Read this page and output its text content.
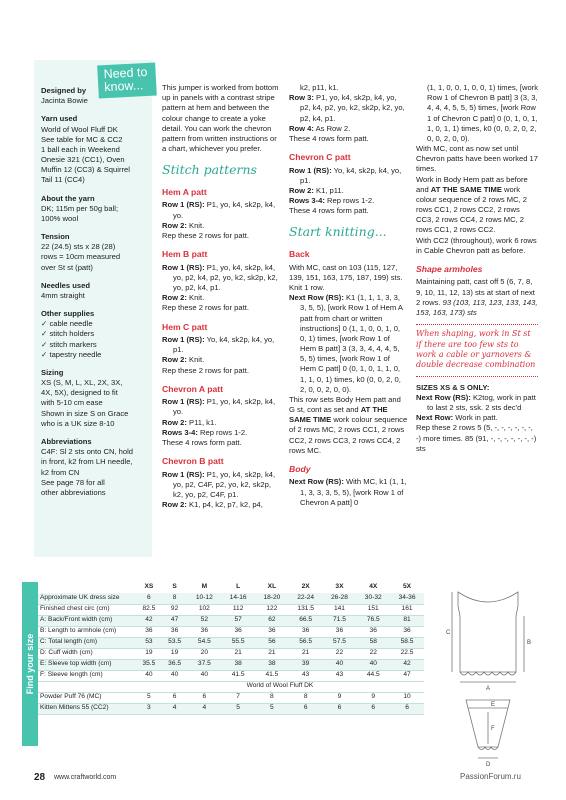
Designed by

Jacinta Bowie

Yarn used

World of Wool Fluff DK

See table for MC & CC2

1 ball each in Weekend

Onesie 321 (CC1), Oven

Muffin 12 (CC3) & Squirrel

Tail 11 (CC4)

About the yarn

DK; 115m per 50g ball;

100% wool

Tension

22 (24.5) sts x 28 (28)

rows = 10cm measured

over St st (patt)

Needles used

4mm straight

Other supplies

✓ cable needle

✓ stitch holders

✓ stitch markers

✓ tapestry needle

Sizing

XS (S, M, L, XL, 2X, 3X,

4X, 5X), designed to fit

with 5-10 cm ease

Shown in size S on Grace

who is a UK size 8-10

Abbreviations

C4F: Sl 2 sts onto CN, hold

in front, k2 from LH needle,

k2 from CN

See page 78 for all

other abbreviations

Need to know...	This jumper is worked from bottom up in panels with a contrast stripe pattern at hem and between the colour change to create a yoke detail. You can work the chevron pattern from written instructions or a chart, whichever you prefer.

Stitch patterns
Hem A patt

Row 1 (RS): P1, yo, k4, sk2p, k4, yo.

Row 2: Knit.

Rep these 2 rows for patt.

Hem B patt

Row 1 (RS): P1, yo, k4, sk2p, k4, yo, p2, k4, p2, yo, k2, sk2p, k2, yo, p2, k4, p1.

Row 2: Knit.

Rep these 2 rows for patt.

Hem C patt

Row 1 (RS): Yo, k4, sk2p, k4, yo, p1.

Row 2: Knit.

Rep these 2 rows for patt.

Chevron A patt

Row 1 (RS): P1, yo, k4, sk2p, k4, yo.

Row 2: P11, k1.

Rows 3-4: Rep rows 1-2.

These 4 rows form patt.

Chevron B patt

Row 1 (RS): P1, yo, k4, sk2p, k4, yo, p2, C4F, p2, yo, k2, sk2p, k2, yo, p2, C4F, p1.

Row 2: K1, p4, k2, p7, k2, p4,

k2, p11, k1.

Row 3: P1, yo, k4, sk2p, k4, yo, p2, k4, p2, yo, k2, sk2p, k2, yo, p2, k4, p1.

Row 4: As Row 2.

These 4 rows form patt.

Chevron C patt

Row 1 (RS): Yo, k4, sk2p, k4, yo, p1.

Row 2: K1, p11.

Rows 3-4: Rep rows 1-2.

These 4 rows form patt.

Start knitting...
Back

With MC, cast on 103 (115, 127, 139, 151, 163, 175, 187, 199) sts.

Knit 1 row.

Next Row (RS): K1 (1, 1, 1, 3, 3, 3, 5, 5), [work Row 1 of Hem A patt from chart or written instructions] 0 (1, 1, 0, 0, 1, 0, 0, 1) times, [work Row 1 of Hem B patt] 3 (3, 3, 4, 4, 4, 5, 5, 5) times, [work Row 1 of Hem C patt] 0 (0, 1, 0, 1, 1, 0, 1, 1, 0, 1) times, k0 (0, 0, 2, 0, 2, 0, 0, 2, 0, 0).

This row sets Body Hem patt and G st, cont as set and AT THE SAME TIME work colour sequence of 2 rows MC, 2 rows CC1, 2 rows CC2, 2 rows CC3, 2 rows CC4, 2 rows MC.

Body

Next Row (RS): With MC, k1 (1, 1, 1, 3, 3, 3, 5, 5), [work Row 1 of Chevron A patt] 0

(1, 1, 0, 0, 1, 0, 0, 1) times, [work Row 1 of Chevron B patt] 3 (3, 3, 4, 4, 4, 5, 5, 5) times, [work Row 1 of Chevron C patt] 0 (0, 1, 0, 1, 1, 0, 1, 1) times, k0 (0, 0, 2, 0, 2, 0, 0, 2, 0, 0).

With MC, cont as now set until Chevron patts have been worked 17 times.

Work in Body Hem patt as before and AT THE SAME TIME work colour sequence of 2 rows MC, 2 rows CC1, 2 rows CC2, 2 rows CC3, 2 rows CC4, 2 rows MC, 2 rows CC1, 2 rows CC2.

With CC2 (throughout), work 6 rows in Cable Chevron patt as before.

Shape armholes

Maintaining patt, cast off 5 (6, 7, 8, 9, 10, 11, 12, 13) sts at start of next 2 rows. 93 (103, 113, 123, 133, 143, 153, 163, 173) sts

When shaping, work in St st if there are too few sts to work a cable or yarnovers & double decrease combination

SIZES XS & S ONLY:

Next Row (RS): K2tog, work in patt to last 2 sts, ssk. 2 sts dec'd

Next Row: Work in patt.

Rep these 2 rows 5 (5, -, -, -, -, -, -, -) more times. 85 (91, -, -, -, -, -, -, -) sts

Find your size
	XS	S	M	L	XL	2X	3X	4X	5X
Approximate UK dress size	6	8	10-12	14-16	18-20	22-24	26-28	30-32	34-36
Finished chest circ (cm)	82.5	92	102	112	122	131.5	141	151	161
A: Back/Front width (cm)	42	47	52	57	62	66.5	71.5	76.5	81
B: Length to armhole (cm)	36	36	36	36	36	36	36	36	36
C: Total length (cm)	53	53.5	54.5	55.5	56	56.5	57.5	58	58.5
D: Cuff width (cm)	19	19	20	21	21	21	22	22	22.5
E: Sleeve top width (cm)	35.5	36.5	37.5	38	38	39	40	40	42
F: Sleeve length (cm)	40	40	40	41.5	41.5	43	43	44.5	47
	World of Wool Fluff DK								
Powder Puff 76 (MC)	5	6	6	7	8	8	9	9	10
Kitten Mittens 55 (CC2)	3	4	4	5	5	6	6	6	6
C
B
A
E
F
D
28 www.craftworld.com	PassionForum.ru
